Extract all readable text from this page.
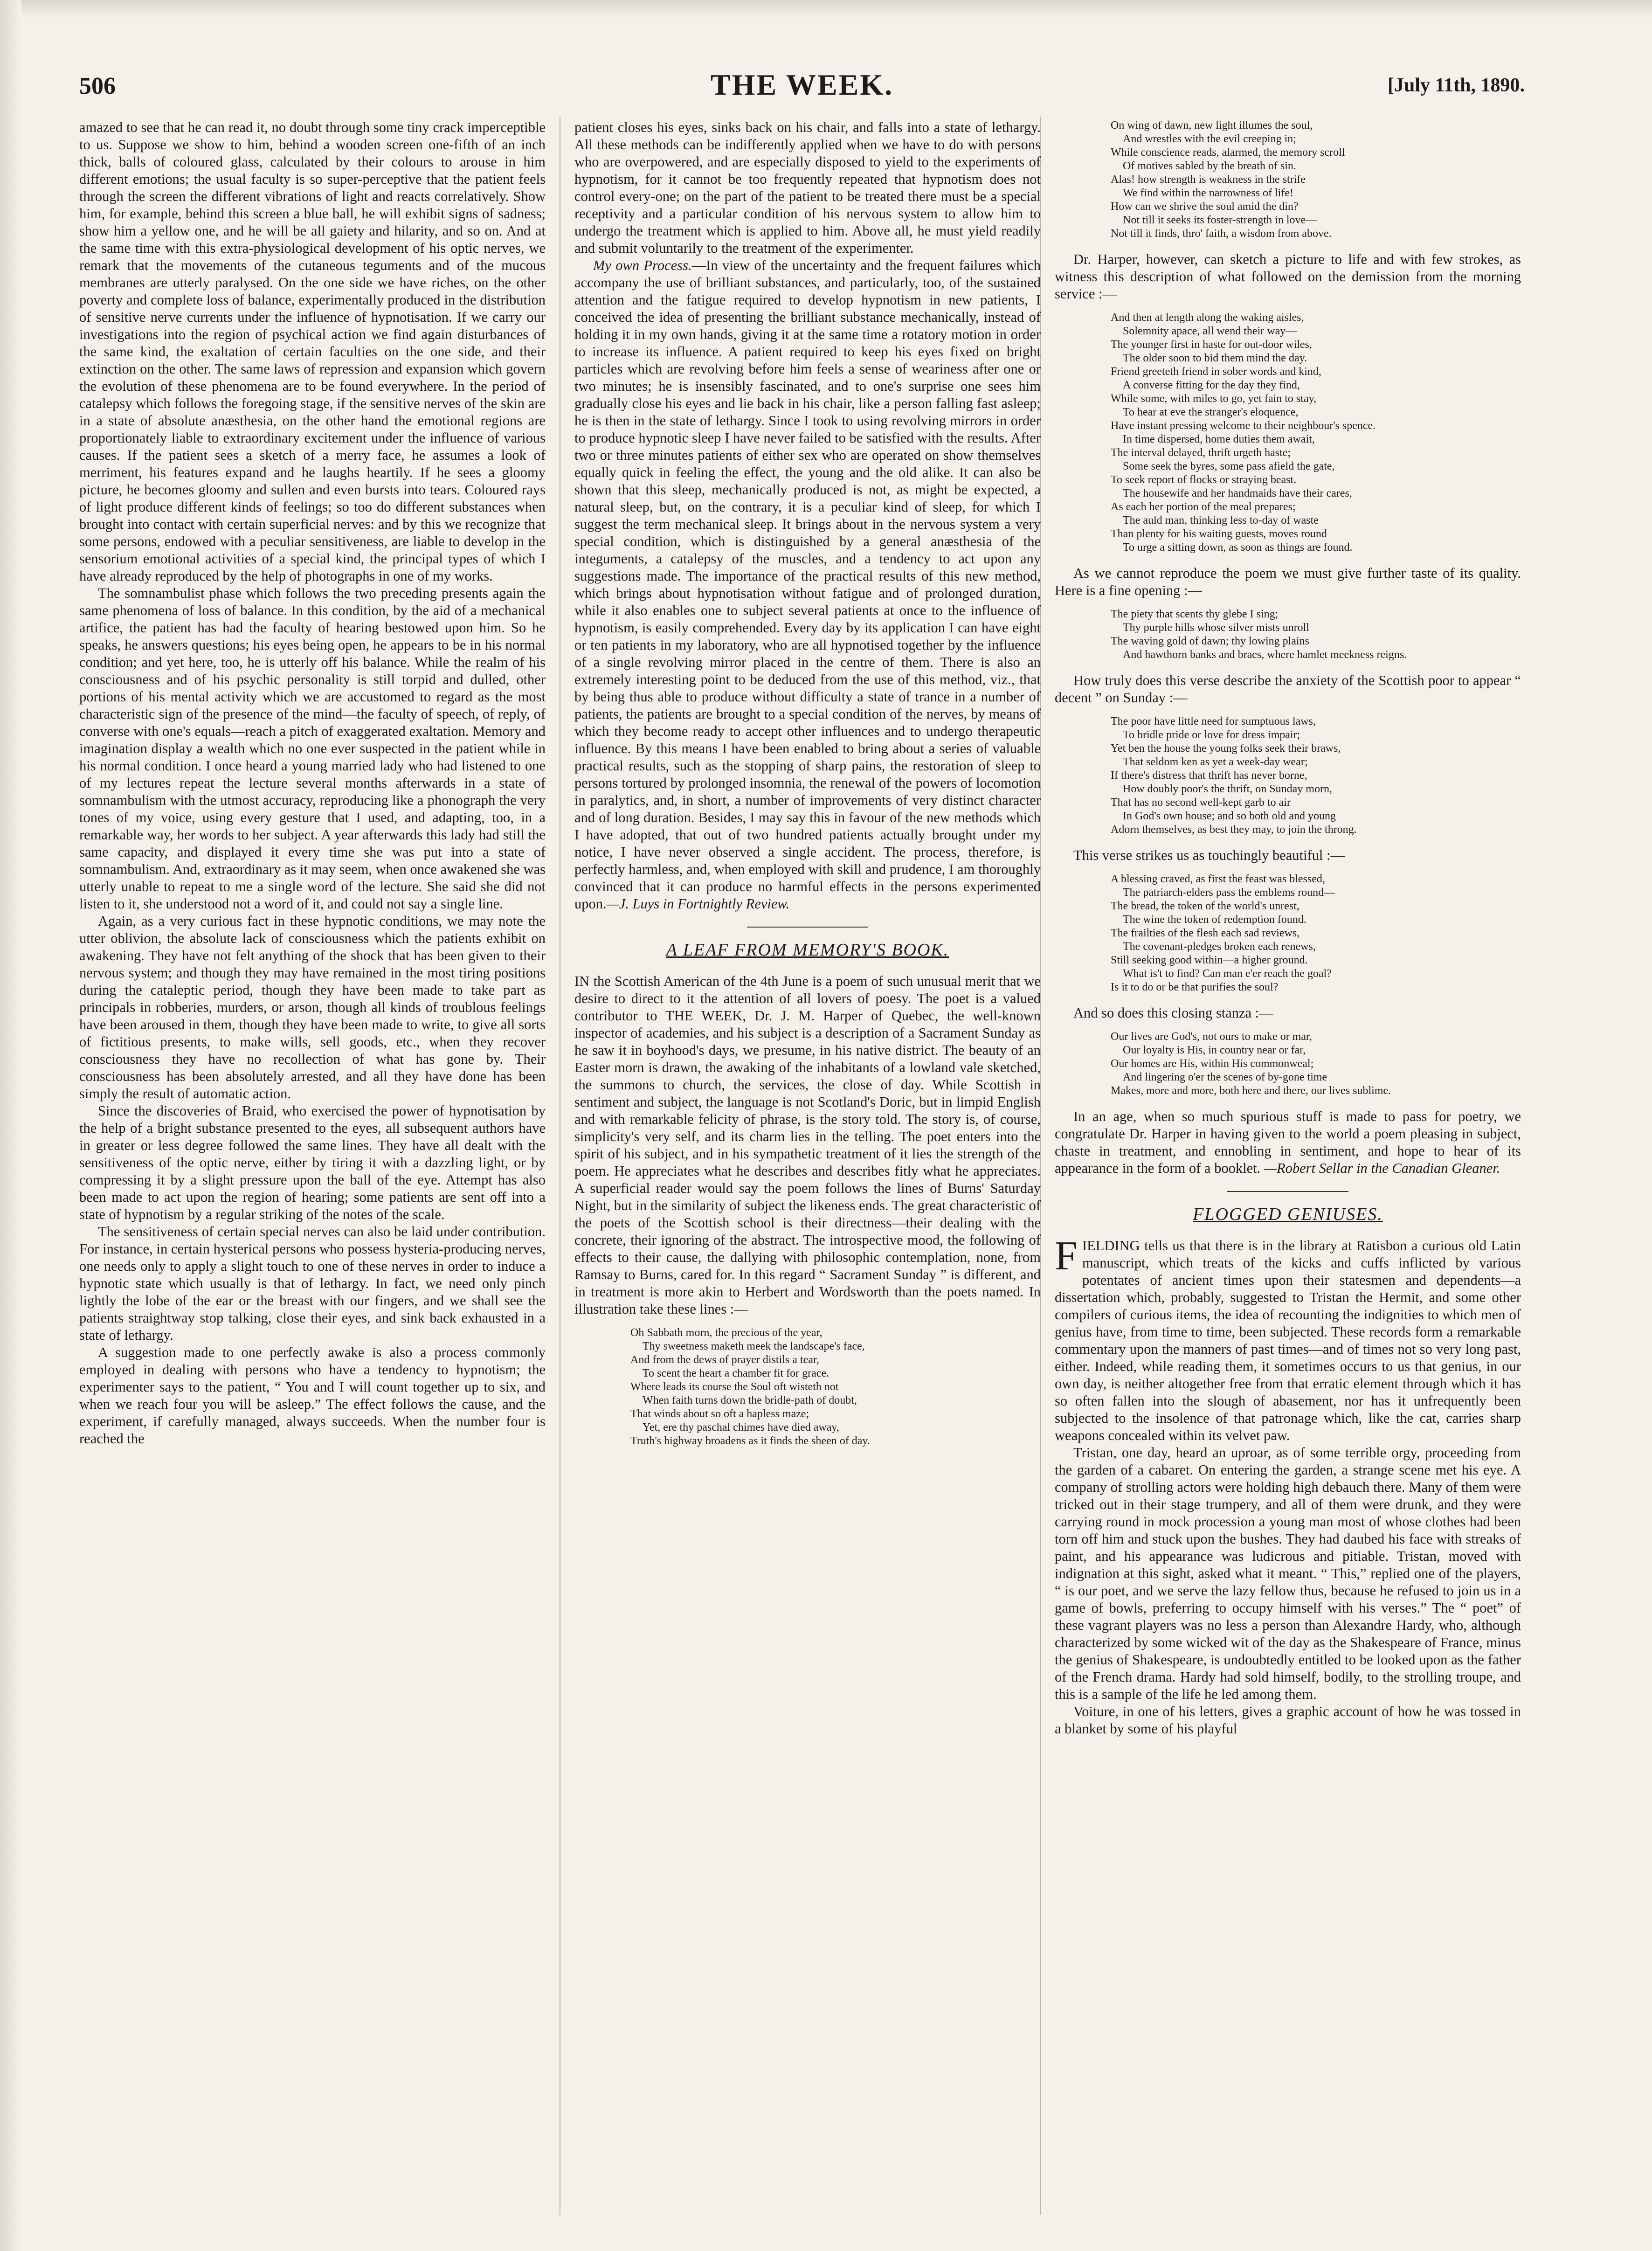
506	THE WEEK.	[July 11th, 1890.

amazed to see that he can read it, no doubt through some tiny crack imperceptible to us. Suppose we show to him, behind a wooden screen one-fifth of an inch thick, balls of coloured glass, calculated by their colours to arouse in him different emotions; the usual faculty is so super-perceptive that the patient feels through the screen the different vibrations of light and reacts correlatively. Show him, for example, behind this screen a blue ball, he will exhibit signs of sadness; show him a yellow one, and he will be all gaiety and hilarity, and so on. And at the same time with this extra-physiological development of his optic nerves, we remark that the movements of the cutaneous teguments and of the mucous membranes are utterly paralysed. On the one side we have riches, on the other poverty and complete loss of balance, experimentally produced in the distribution of sensitive nerve currents under the influence of hypnotisation. If we carry our investigations into the region of psychical action we find again disturbances of the same kind, the exaltation of certain faculties on the one side, and their extinction on the other. The same laws of repression and expansion which govern the evolution of these phenomena are to be found everywhere. In the period of catalepsy which follows the foregoing stage, if the sensitive nerves of the skin are in a state of absolute anæsthesia, on the other hand the emotional regions are proportionately liable to extraordinary excitement under the influence of various causes. If the patient sees a sketch of a merry face, he assumes a look of merriment, his features expand and he laughs heartily. If he sees a gloomy picture, he becomes gloomy and sullen and even bursts into tears. Coloured rays of light produce different kinds of feelings; so too do different substances when brought into contact with certain superficial nerves: and by this we recognize that some persons, endowed with a peculiar sensitiveness, are liable to develop in the sensorium emotional activities of a special kind, the principal types of which I have already reproduced by the help of photographs in one of my works.

The somnambulist phase which follows the two preceding presents again the same phenomena of loss of balance. In this condition, by the aid of a mechanical artifice, the patient has had the faculty of hearing bestowed upon him. So he speaks, he answers questions; his eyes being open, he appears to be in his normal condition; and yet here, too, he is utterly off his balance. While the realm of his consciousness and of his psychic personality is still torpid and dulled, other portions of his mental activity which we are accustomed to regard as the most characteristic sign of the presence of the mind—the faculty of speech, of reply, of converse with one's equals—reach a pitch of exaggerated exaltation. Memory and imagination display a wealth which no one ever suspected in the patient while in his normal condition. I once heard a young married lady who had listened to one of my lectures repeat the lecture several months afterwards in a state of somnambulism with the utmost accuracy, reproducing like a phonograph the very tones of my voice, using every gesture that I used, and adapting, too, in a remarkable way, her words to her subject. A year afterwards this lady had still the same capacity, and displayed it every time she was put into a state of somnambulism. And, extraordinary as it may seem, when once awakened she was utterly unable to repeat to me a single word of the lecture. She said she did not listen to it, she understood not a word of it, and could not say a single line.

Again, as a very curious fact in these hypnotic conditions, we may note the utter oblivion, the absolute lack of consciousness which the patients exhibit on awakening. They have not felt anything of the shock that has been given to their nervous system; and though they may have remained in the most tiring positions during the cataleptic period, though they have been made to take part as principals in robberies, murders, or arson, though all kinds of troublous feelings have been aroused in them, though they have been made to write, to give all sorts of fictitious presents, to make wills, sell goods, etc., when they recover consciousness they have no recollection of what has gone by. Their consciousness has been absolutely arrested, and all they have done has been simply the result of automatic action.

Since the discoveries of Braid, who exercised the power of hypnotisation by the help of a bright substance presented to the eyes, all subsequent authors have in greater or less degree followed the same lines. They have all dealt with the sensitiveness of the optic nerve, either by tiring it with a dazzling light, or by compressing it by a slight pressure upon the ball of the eye. Attempt has also been made to act upon the region of hearing; some patients are sent off into a state of hypnotism by a regular striking of the notes of the scale.

The sensitiveness of certain special nerves can also be laid under contribution. For instance, in certain hysterical persons who possess hysteria-producing nerves, one needs only to apply a slight touch to one of these nerves in order to induce a hypnotic state which usually is that of lethargy. In fact, we need only pinch lightly the lobe of the ear or the breast with our fingers, and we shall see the patients straightway stop talking, close their eyes, and sink back exhausted in a state of lethargy.

A suggestion made to one perfectly awake is also a process commonly employed in dealing with persons who have a tendency to hypnotism; the experimenter says to the patient, “ You and I will count together up to six, and when we reach four you will be asleep.” The effect follows the cause, and the experiment, if carefully managed, always succeeds. When the number four is reached the

patient closes his eyes, sinks back on his chair, and falls into a state of lethargy. All these methods can be indifferently applied when we have to do with persons who are overpowered, and are especially disposed to yield to the experiments of hypnotism, for it cannot be too frequently repeated that hypnotism does not control every-one; on the part of the patient to be treated there must be a special receptivity and a particular condition of his nervous system to allow him to undergo the treatment which is applied to him. Above all, he must yield readily and submit voluntarily to the treatment of the experimenter.

My own Process.—In view of the uncertainty and the frequent failures which accompany the use of brilliant substances, and particularly, too, of the sustained attention and the fatigue required to develop hypnotism in new patients, I conceived the idea of presenting the brilliant substance mechanically, instead of holding it in my own hands, giving it at the same time a rotatory motion in order to increase its influence. A patient required to keep his eyes fixed on bright particles which are revolving before him feels a sense of weariness after one or two minutes; he is insensibly fascinated, and to one's surprise one sees him gradually close his eyes and lie back in his chair, like a person falling fast asleep; he is then in the state of lethargy. Since I took to using revolving mirrors in order to produce hypnotic sleep I have never failed to be satisfied with the results. After two or three minutes patients of either sex who are operated on show themselves equally quick in feeling the effect, the young and the old alike. It can also be shown that this sleep, mechanically produced is not, as might be expected, a natural sleep, but, on the contrary, it is a peculiar kind of sleep, for which I suggest the term mechanical sleep. It brings about in the nervous system a very special condition, which is distinguished by a general anæsthesia of the integuments, a catalepsy of the muscles, and a tendency to act upon any suggestions made. The importance of the practical results of this new method, which brings about hypnotisation without fatigue and of prolonged duration, while it also enables one to subject several patients at once to the influence of hypnotism, is easily comprehended. Every day by its application I can have eight or ten patients in my laboratory, who are all hypnotised together by the influence of a single revolving mirror placed in the centre of them. There is also an extremely interesting point to be deduced from the use of this method, viz., that by being thus able to produce without difficulty a state of trance in a number of patients, the patients are brought to a special condition of the nerves, by means of which they become ready to accept other influences and to undergo therapeutic influence. By this means I have been enabled to bring about a series of valuable practical results, such as the stopping of sharp pains, the restoration of sleep to persons tortured by prolonged insomnia, the renewal of the powers of locomotion in paralytics, and, in short, a number of improvements of very distinct character and of long duration. Besides, I may say this in favour of the new methods which I have adopted, that out of two hundred patients actually brought under my notice, I have never observed a single accident. The process, therefore, is perfectly harmless, and, when employed with skill and prudence, I am thoroughly convinced that it can produce no harmful effects in the persons experimented upon.—J. Luys in Fortnightly Review.

A LEAF FROM MEMORY'S BOOK.

IN the Scottish American of the 4th June is a poem of such unusual merit that we desire to direct to it the attention of all lovers of poesy. The poet is a valued contributor to THE WEEK, Dr. J. M. Harper of Quebec, the well-known inspector of academies, and his subject is a description of a Sacrament Sunday as he saw it in boyhood's days, we presume, in his native district. The beauty of an Easter morn is drawn, the awaking of the inhabitants of a lowland vale sketched, the summons to church, the services, the close of day. While Scottish in sentiment and subject, the language is not Scotland's Doric, but in limpid English and with remarkable felicity of phrase, is the story told. The story is, of course, simplicity's very self, and its charm lies in the telling. The poet enters into the spirit of his subject, and in his sympathetic treatment of it lies the strength of the poem. He appreciates what he describes and describes fitly what he appreciates. A superficial reader would say the poem follows the lines of Burns' Saturday Night, but in the similarity of subject the likeness ends. The great characteristic of the poets of the Scottish school is their directness—their dealing with the concrete, their ignoring of the abstract. The introspective mood, the following of effects to their cause, the dallying with philosophic contemplation, none, from Ramsay to Burns, cared for. In this regard “ Sacrament Sunday ” is different, and in treatment is more akin to Herbert and Wordsworth than the poets named. In illustration take these lines :—

Oh Sabbath morn, the precious of the year,
Thy sweetness maketh meek the landscape's face,
And from the dews of prayer distils a tear,
To scent the heart a chamber fit for grace.
Where leads its course the Soul oft wisteth not
When faith turns down the bridle-path of doubt,
That winds about so oft a hapless maze;
Yet, ere thy paschal chimes have died away,
Truth's highway broadens as it finds the sheen of day.
On wing of dawn, new light illumes the soul,
And wrestles with the evil creeping in;
While conscience reads, alarmed, the memory scroll
Of motives sabled by the breath of sin.
Alas! how strength is weakness in the strife
We find within the narrowness of life!
How can we shrive the soul amid the din?
Not till it seeks its foster-strength in love—
Not till it finds, thro' faith, a wisdom from above.

Dr. Harper, however, can sketch a picture to life and with few strokes, as witness this description of what followed on the demission from the morning service :—

And then at length along the waking aisles,
Solemnity apace, all wend their way—
The younger first in haste for out-door wiles,
The older soon to bid them mind the day.
Friend greeteth friend in sober words and kind,
A converse fitting for the day they find,
While some, with miles to go, yet fain to stay,
To hear at eve the stranger's eloquence,
Have instant pressing welcome to their neighbour's spence.
In time dispersed, home duties them await,
The interval delayed, thrift urgeth haste;
Some seek the byres, some pass afield the gate,
To seek report of flocks or straying beast.
The housewife and her handmaids have their cares,
As each her portion of the meal prepares;
The auld man, thinking less to-day of waste
Than plenty for his waiting guests, moves round
To urge a sitting down, as soon as things are found.

As we cannot reproduce the poem we must give further taste of its quality. Here is a fine opening :—

The piety that scents thy glebe I sing;
Thy purple hills whose silver mists unroll
The waving gold of dawn; thy lowing plains
And hawthorn banks and braes, where hamlet meekness reigns.

How truly does this verse describe the anxiety of the Scottish poor to appear “ decent ” on Sunday :—

The poor have little need for sumptuous laws,
To bridle pride or love for dress impair;
Yet ben the house the young folks seek their braws,
That seldom ken as yet a week-day wear;
If there's distress that thrift has never borne,
How doubly poor's the thrift, on Sunday morn,
That has no second well-kept garb to air
In God's own house; and so both old and young
Adorn themselves, as best they may, to join the throng.

This verse strikes us as touchingly beautiful :—

A blessing craved, as first the feast was blessed,
The patriarch-elders pass the emblems round—
The bread, the token of the world's unrest,
The wine the token of redemption found.
The frailties of the flesh each sad reviews,
The covenant-pledges broken each renews,
Still seeking good within—a higher ground.
What is't to find? Can man e'er reach the goal?
Is it to do or be that purifies the soul?

And so does this closing stanza :—

Our lives are God's, not ours to make or mar,
Our loyalty is His, in country near or far,
Our homes are His, within His commonweal;
And lingering o'er the scenes of by-gone time
Makes, more and more, both here and there, our lives sublime.

In an age, when so much spurious stuff is made to pass for poetry, we congratulate Dr. Harper in having given to the world a poem pleasing in subject, chaste in treatment, and ennobling in sentiment, and hope to hear of its appearance in the form of a booklet. —Robert Sellar in the Canadian Gleaner.

FLOGGED GENIUSES.

FIELDING tells us that there is in the library at Ratisbon a curious old Latin manuscript, which treats of the kicks and cuffs inflicted by various potentates of ancient times upon their statesmen and dependents—a dissertation which, probably, suggested to Tristan the Hermit, and some other compilers of curious items, the idea of recounting the indignities to which men of genius have, from time to time, been subjected. These records form a remarkable commentary upon the manners of past times—and of times not so very long past, either. Indeed, while reading them, it sometimes occurs to us that genius, in our own day, is neither altogether free from that erratic element through which it has so often fallen into the slough of abasement, nor has it unfrequently been subjected to the insolence of that patronage which, like the cat, carries sharp weapons concealed within its velvet paw.

Tristan, one day, heard an uproar, as of some terrible orgy, proceeding from the garden of a cabaret. On entering the garden, a strange scene met his eye. A company of strolling actors were holding high debauch there. Many of them were tricked out in their stage trumpery, and all of them were drunk, and they were carrying round in mock procession a young man most of whose clothes had been torn off him and stuck upon the bushes. They had daubed his face with streaks of paint, and his appearance was ludicrous and pitiable. Tristan, moved with indignation at this sight, asked what it meant. “ This,” replied one of the players, “ is our poet, and we serve the lazy fellow thus, because he refused to join us in a game of bowls, preferring to occupy himself with his verses.” The “ poet” of these vagrant players was no less a person than Alexandre Hardy, who, although characterized by some wicked wit of the day as the Shakespeare of France, minus the genius of Shakespeare, is undoubtedly entitled to be looked upon as the father of the French drama. Hardy had sold himself, bodily, to the strolling troupe, and this is a sample of the life he led among them.

Voiture, in one of his letters, gives a graphic account of how he was tossed in a blanket by some of his playful
